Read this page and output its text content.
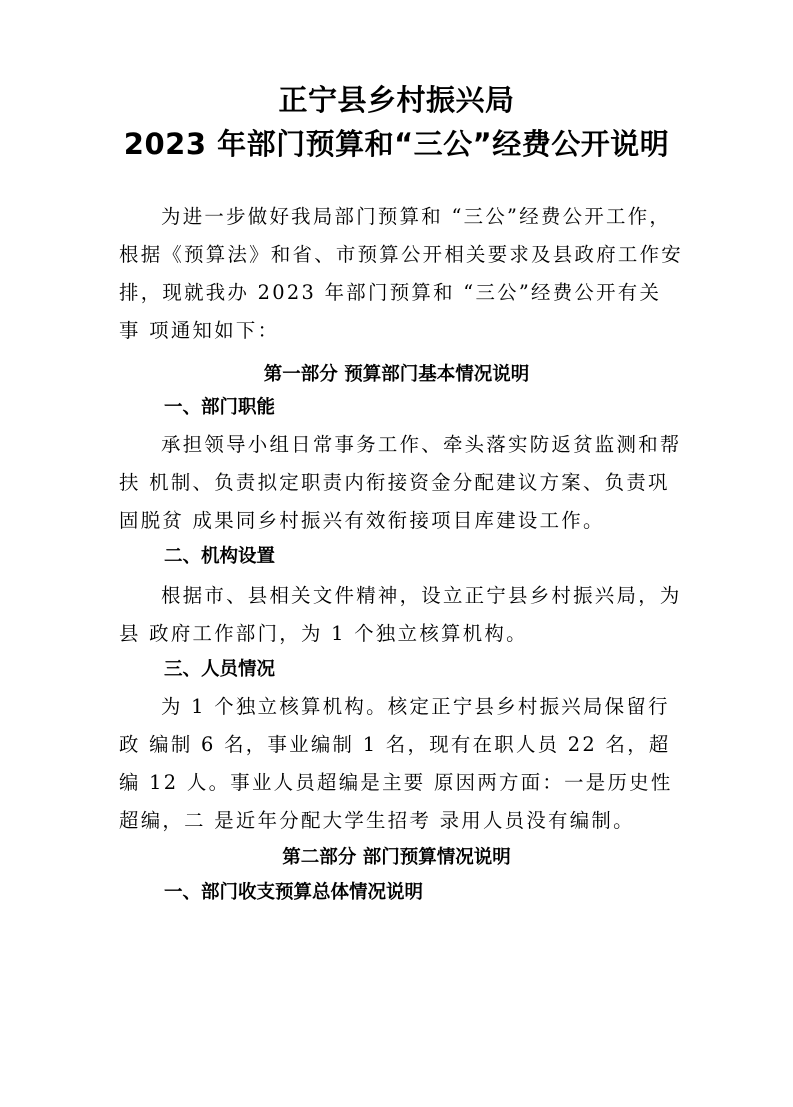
正宁县乡村振兴局
2023 年部门预算和“三公”经费公开说明
为进一步做好我局部门预算和 “三公”经费公开工作，
根据《预算法》和省、市预算公开相关要求及县政府工作安
排，现就我办 2023 年部门预算和 “三公”经费公开有关
事 项通知如下：
第一部分 预算部门基本情况说明
一、部门职能
承担领导小组日常事务工作、牵头落实防返贫监测和帮
扶 机制、负责拟定职责内衔接资金分配建议方案、负责巩
固脱贫 成果同乡村振兴有效衔接项目库建设工作。
二、机构设置
根据市、县相关文件精神，设立正宁县乡村振兴局，为
县 政府工作部门，为 1 个独立核算机构。
三、人员情况
为 1 个独立核算机构。核定正宁县乡村振兴局保留行
政 编制 6 名，事业编制 1 名，现有在职人员 22 名，超
编 12 人。事业人员超编是主要 原因两方面：一是历史性
超编，二 是近年分配大学生招考 录用人员没有编制。
第二部分 部门预算情况说明
一、部门收支预算总体情况说明
